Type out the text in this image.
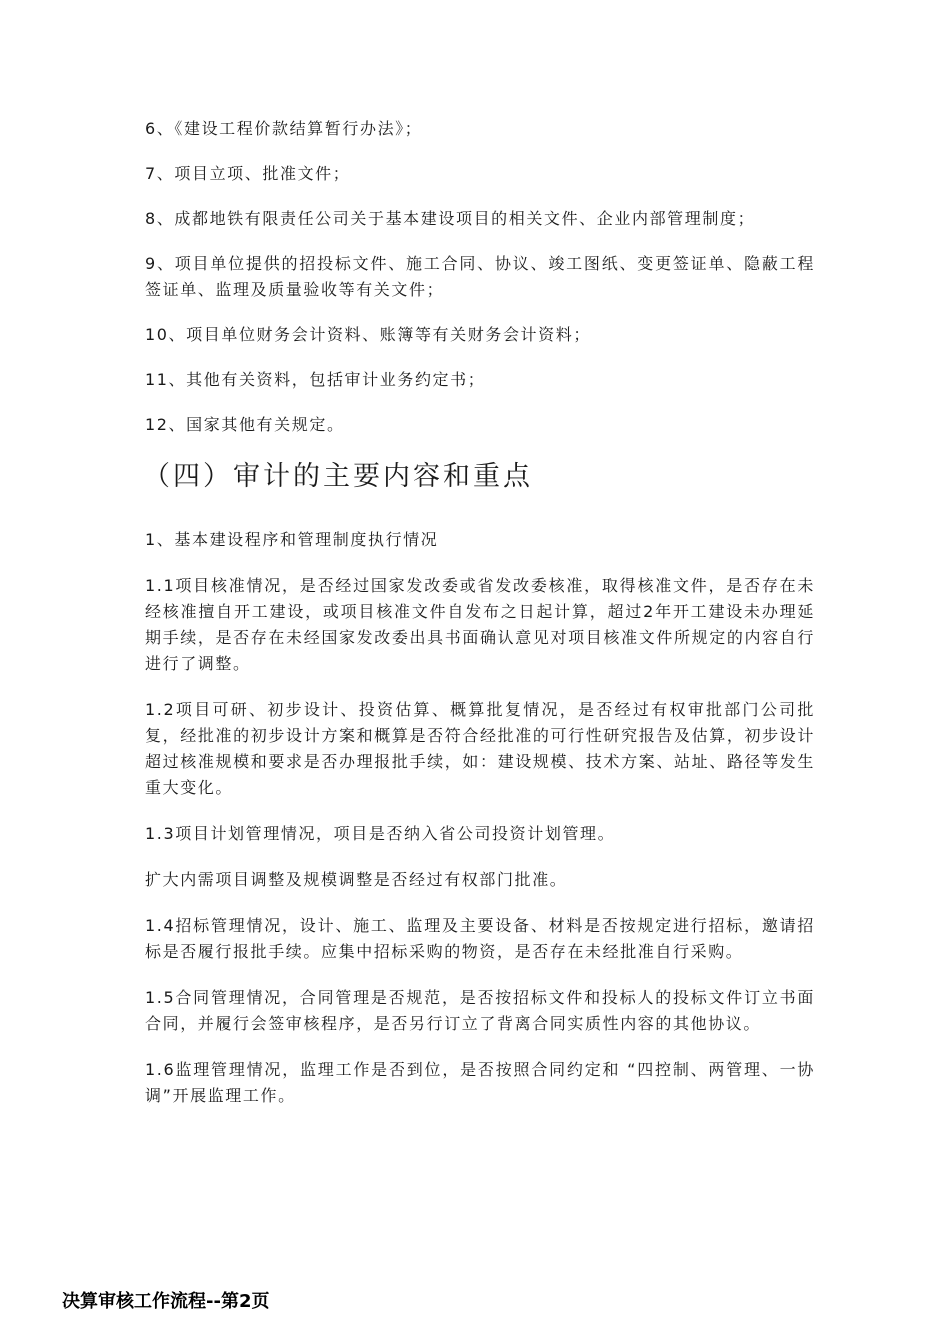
6、《建设工程价款结算暂行办法》；

7、项目立项、批准文件；

8、成都地铁有限责任公司关于基本建设项目的相关文件、企业内部管理制度；

9、项目单位提供的招投标文件、施工合同、协议、竣工图纸、变更签证单、隐蔽工程签证单、监理及质量验收等有关文件；

10、项目单位财务会计资料、账簿等有关财务会计资料；

11、其他有关资料，包括审计业务约定书；

12、国家其他有关规定。

（四）审计的主要内容和重点

1、基本建设程序和管理制度执行情况

1.1项目核准情况，是否经过国家发改委或省发改委核准，取得核准文件，是否存在未经核准擅自开工建设，或项目核准文件自发布之日起计算，超过2年开工建设未办理延期手续，是否存在未经国家发改委出具书面确认意见对项目核准文件所规定的内容自行进行了调整。

1.2项目可研、初步设计、投资估算、概算批复情况，是否经过有权审批部门公司批复，经批准的初步设计方案和概算是否符合经批准的可行性研究报告及估算，初步设计超过核准规模和要求是否办理报批手续，如：建设规模、技术方案、站址、路径等发生重大变化。

1.3项目计划管理情况，项目是否纳入省公司投资计划管理。

扩大内需项目调整及规模调整是否经过有权部门批准。

1.4招标管理情况，设计、施工、监理及主要设备、材料是否按规定进行招标，邀请招标是否履行报批手续。应集中招标采购的物资，是否存在未经批准自行采购。

1.5合同管理情况，合同管理是否规范，是否按招标文件和投标人的投标文件订立书面合同，并履行会签审核程序，是否另行订立了背离合同实质性内容的其他协议。

1.6监理管理情况，监理工作是否到位，是否按照合同约定和 “四控制、两管理、一协调”开展监理工作。

决算审核工作流程--第2页
